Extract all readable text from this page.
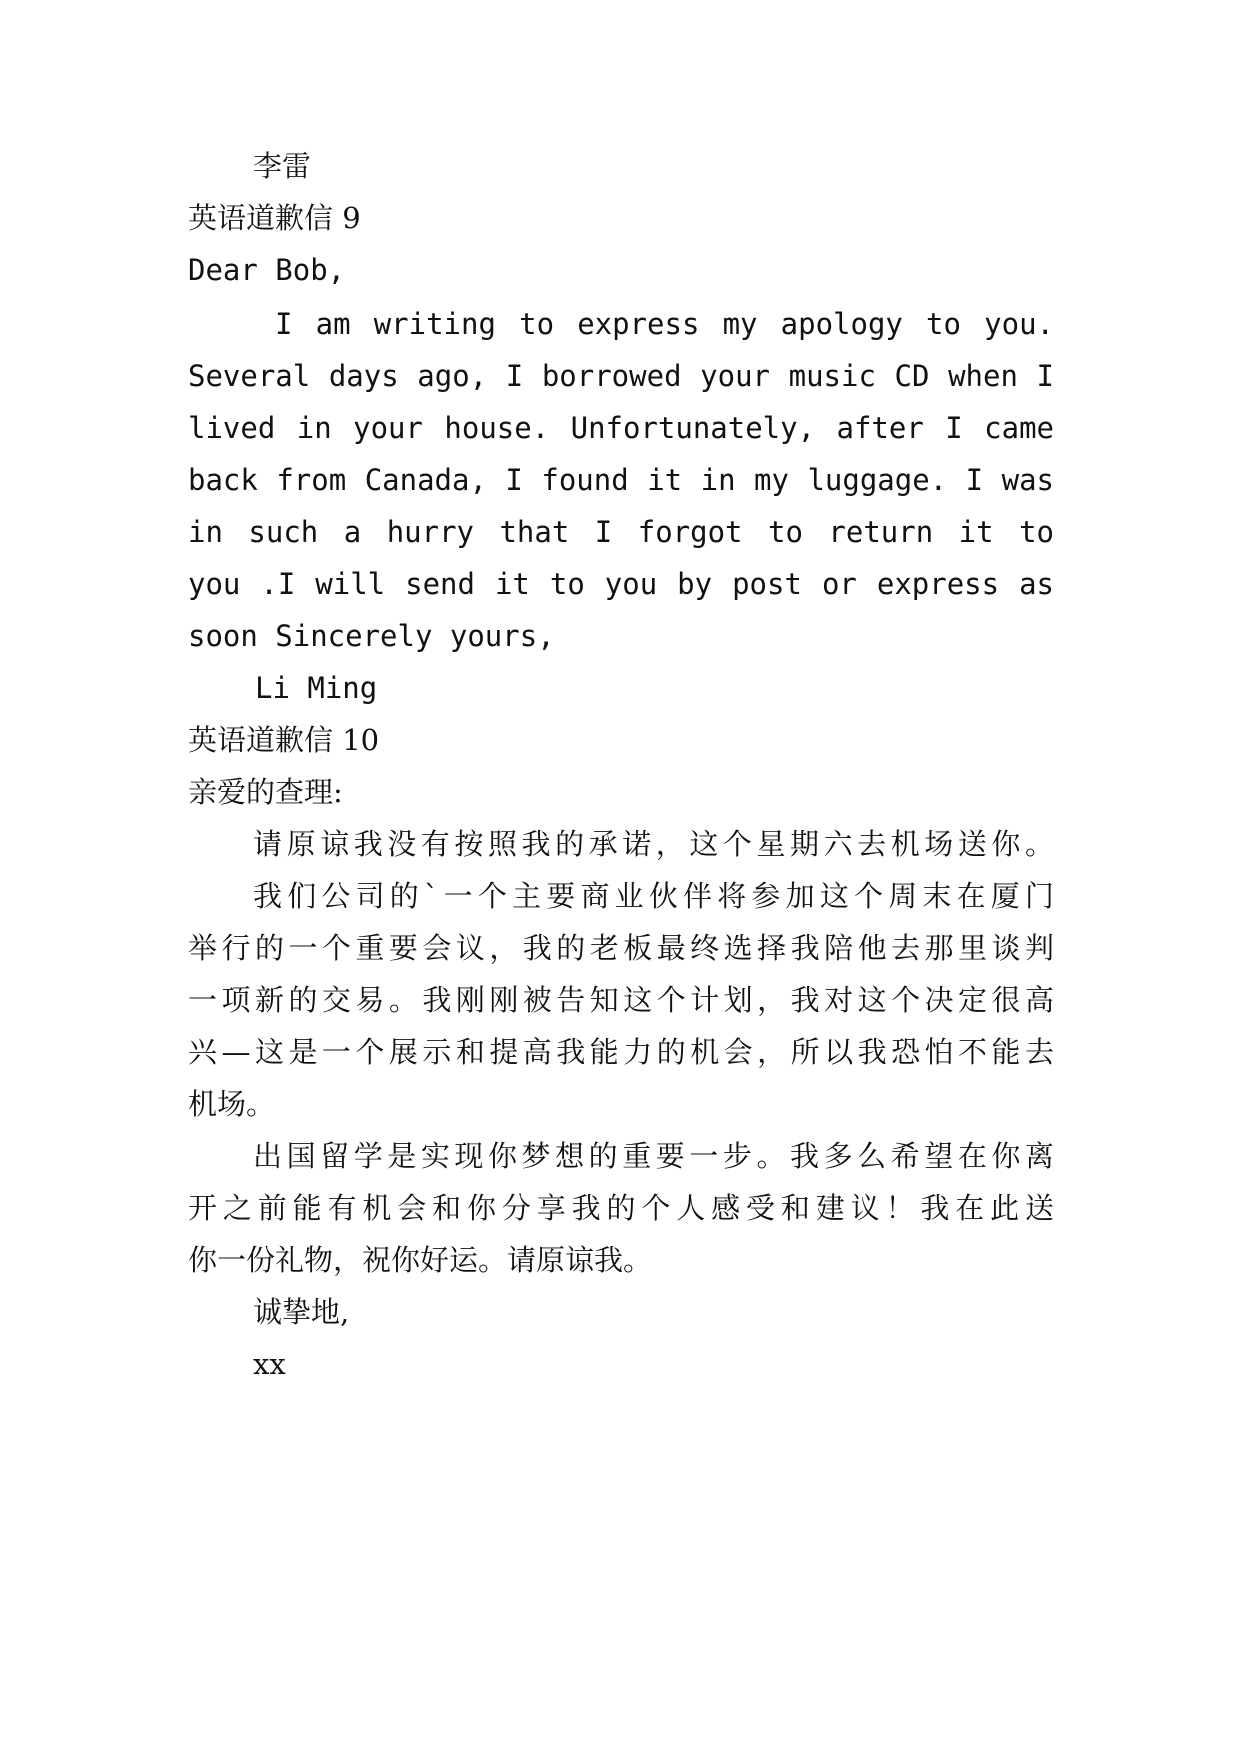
李雷
英语道歉信 9
Dear Bob,
I am writing to express my apology to you.
Several days ago, I borrowed your music CD when I
lived in your house. Unfortunately, after I came
back from Canada, I found it in my luggage. I was
in such a hurry that I forgot to return it to
you .I will send it to you by post or express as
soon Sincerely yours,
Li Ming
英语道歉信 10
亲爱的查理:
请原谅我没有按照我的承诺，这个星期六去机场送你。
我们公司的`一个主要商业伙伴将参加这个周末在厦门
举行的一个重要会议，我的老板最终选择我陪他去那里谈判
一项新的交易。我刚刚被告知这个计划，我对这个决定很高
兴—这是一个展示和提高我能力的机会，所以我恐怕不能去
机场。
出国留学是实现你梦想的重要一步。我多么希望在你离
开之前能有机会和你分享我的个人感受和建议！我在此送
你一份礼物，祝你好运。请原谅我。
诚挚地,
xx
